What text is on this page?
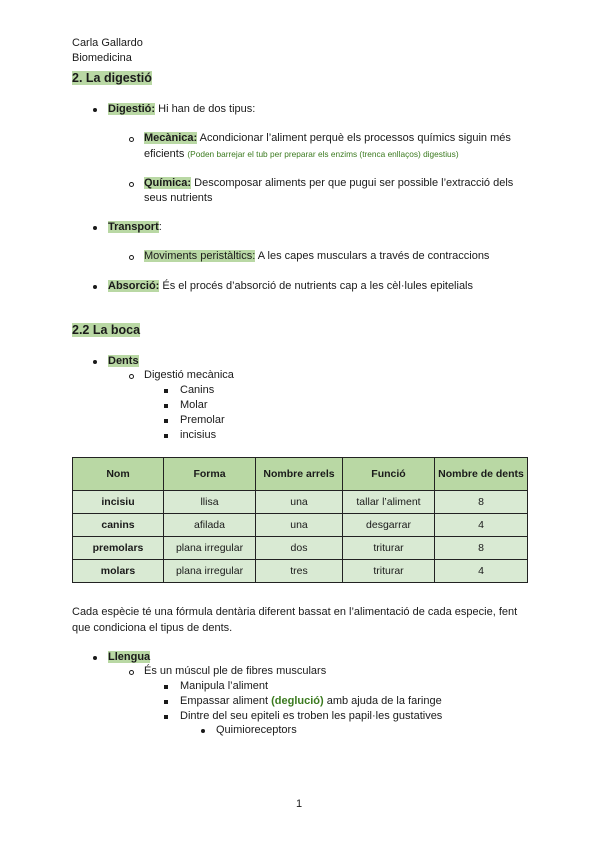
Carla Gallardo
Biomedicina
2. La digestió
Digestió: Hi han de dos tipus:
Mecànica: Acondicionar l’aliment perquè els processos químics siguin més
eficients (Poden barrejar el tub per preparar els enzims (trenca enllaços) digestius)
Química: Descomposar aliments per que pugui ser possible l’extracció dels
seus nutrients
Transport:
Moviments peristàltics: A les capes musculars a través de contraccions
Absorció: És el procés d’absorció de nutrients cap a les cèl·lules epitelials
2.2 La boca
Dents
Digestió mecànica
Canins
Molar
Premolar
incisius
Nom	Forma	Nombre arrels	Funció	Nombre de dents
incisiu	llisa	una	tallar l’aliment	8
canins	afilada	una	desgarrar	4
premolars	plana irregular	dos	triturar	8
molars	plana irregular	tres	triturar	4
Cada espècie té una fórmula dentària diferent bassat en l’alimentació de cada especie, fent
que condiciona el tipus de dents.
Llengua
És un múscul ple de fibres musculars
Manipula l’aliment
Empassar aliment (deglució) amb ajuda de la faringe
Dintre del seu epiteli es troben les papil·les gustatives
Quimioreceptors
1
